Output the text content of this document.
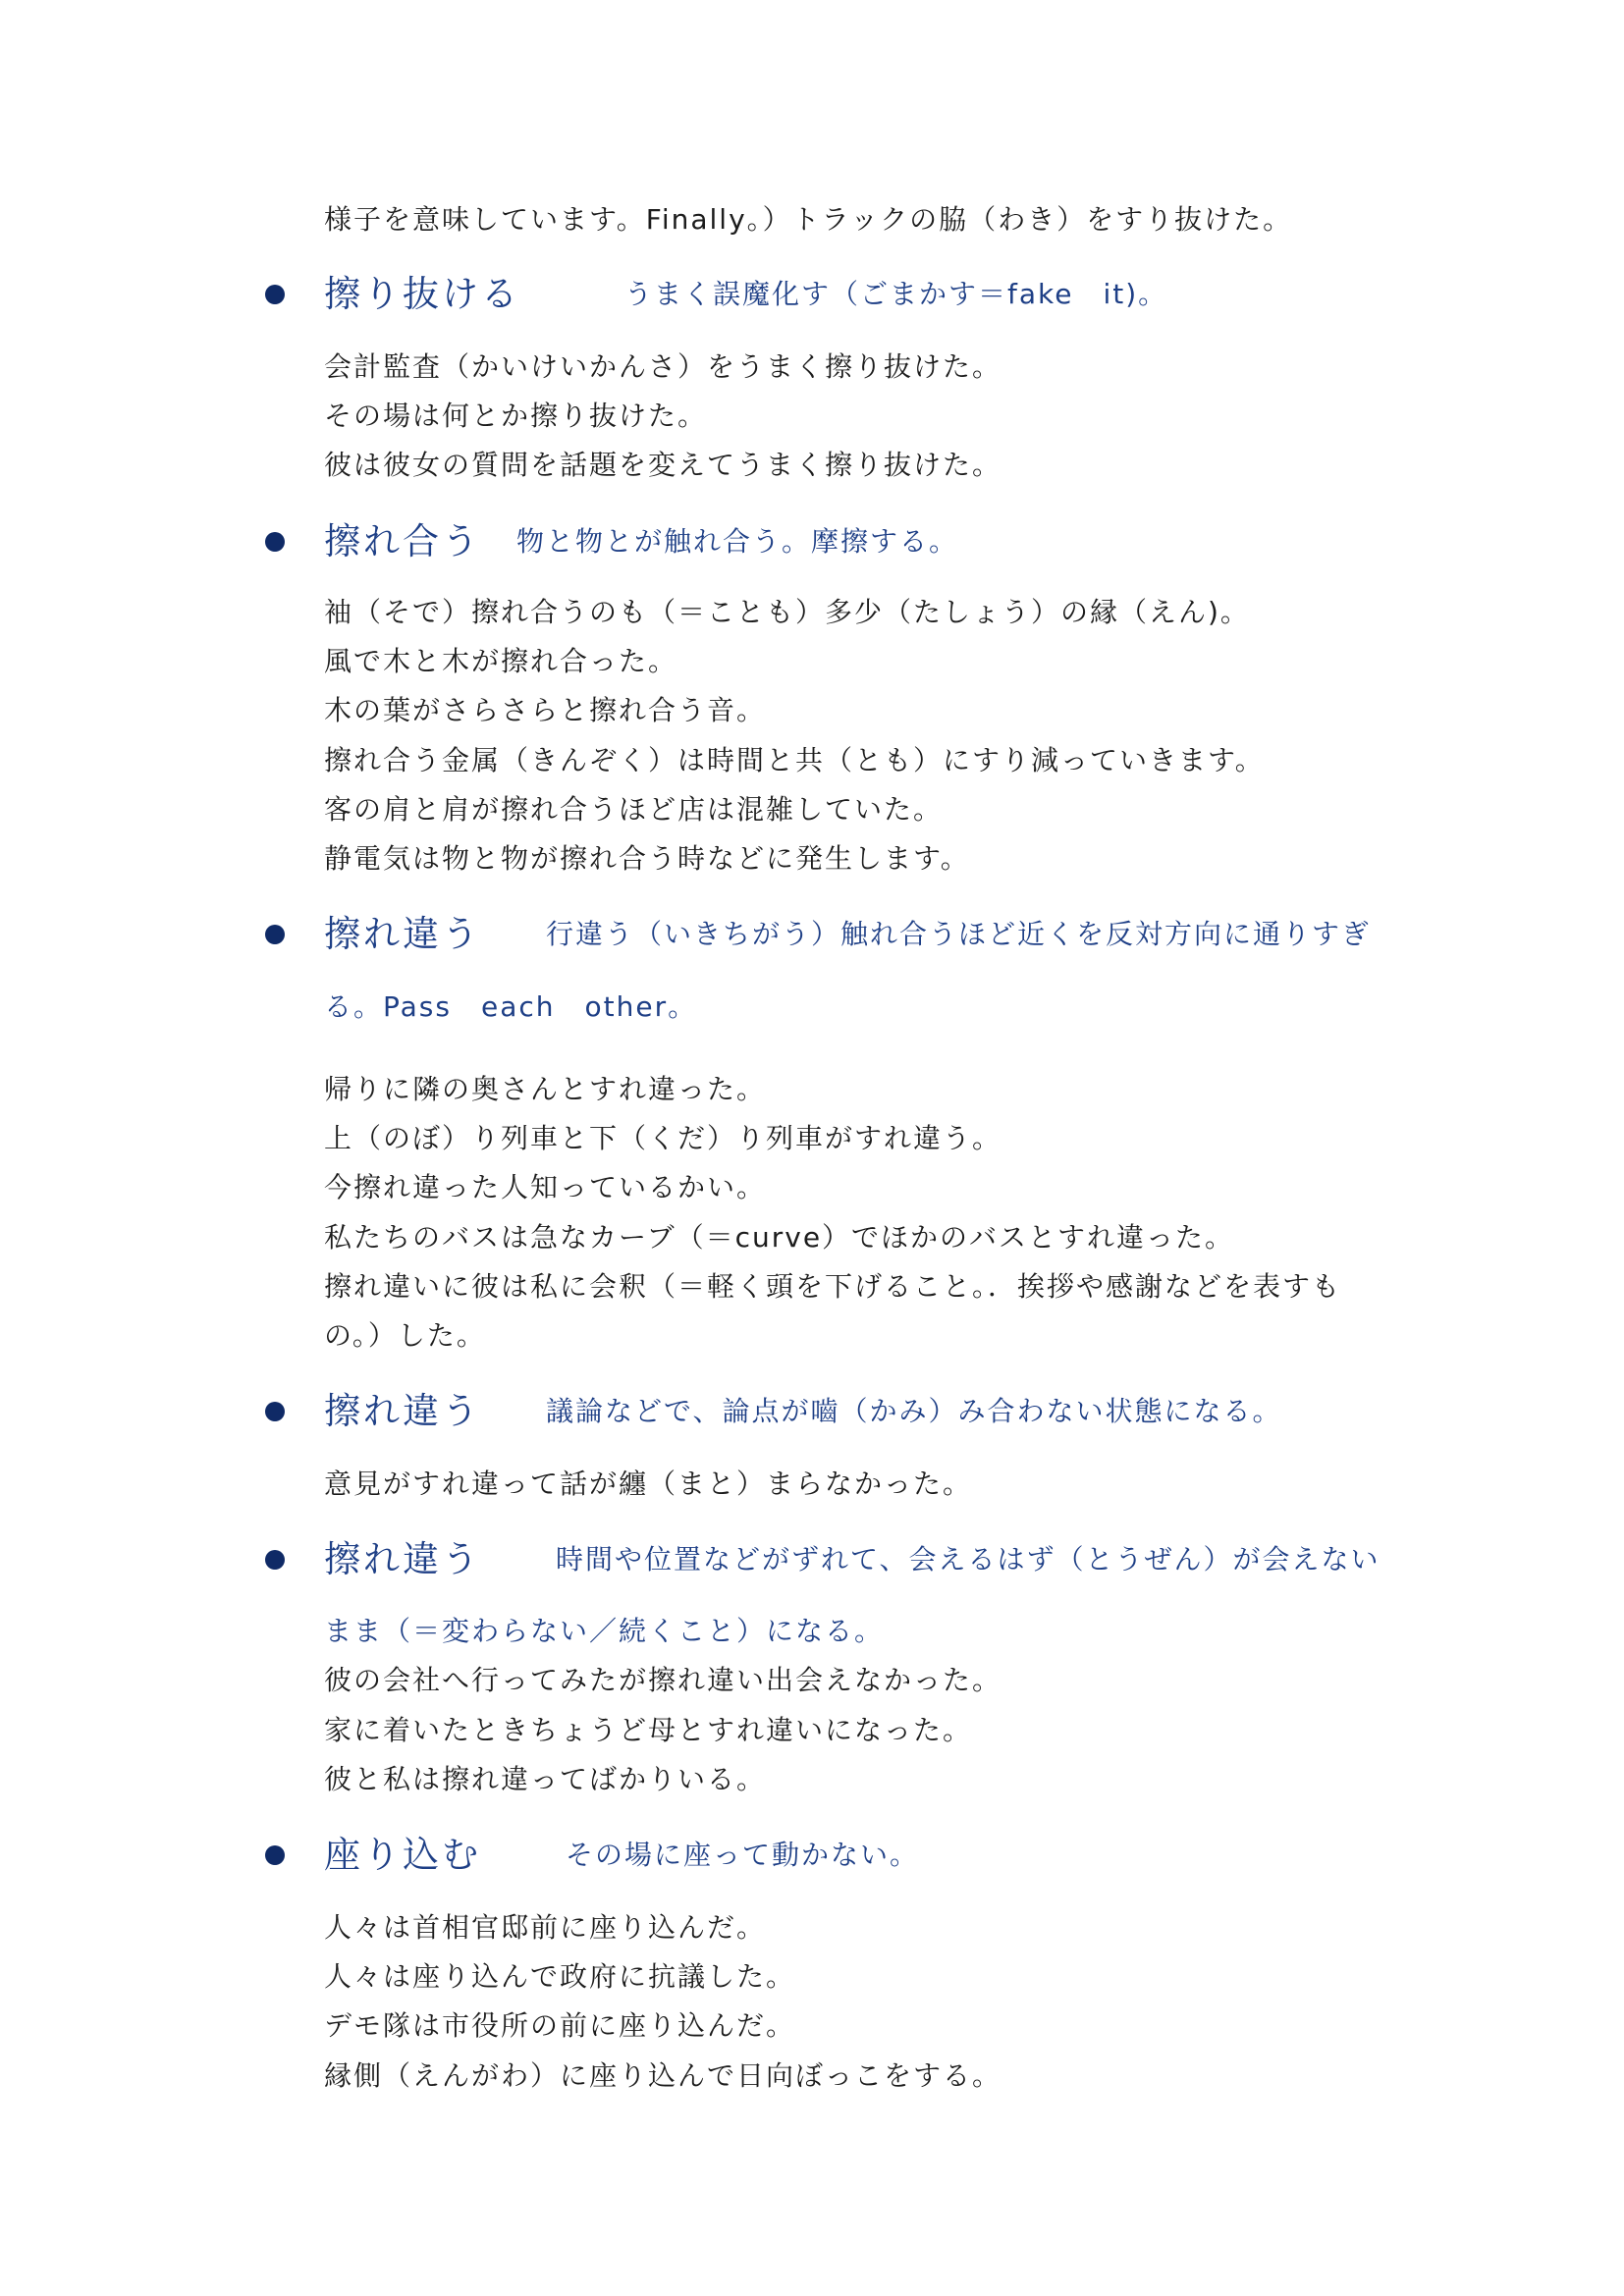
様子を意味しています。Finally。）トラックの脇（わき）をすり抜けた。
擦り抜ける	うまく誤魔化す（ごまかす＝fake　it)。
会計監査（かいけいかんさ）をうまく擦り抜けた。
その場は何とか擦り抜けた。
彼は彼女の質問を話題を変えてうまく擦り抜けた。
擦れ合う 物と物とが触れ合う。摩擦する。
袖（そで）擦れ合うのも（＝ことも）多少（たしょう）の縁（えん)。
風で木と木が擦れ合った。
木の葉がさらさらと擦れ合う音。
擦れ合う金属（きんぞく）は時間と共（とも）にすり減っていきます。
客の肩と肩が擦れ合うほど店は混雑していた。
静電気は物と物が擦れ合う時などに発生します。
擦れ違う 行違う（いきちがう）触れ合うほど近くを反対方向に通りすぎ
る。Pass　each　other。
帰りに隣の奥さんとすれ違った。
上（のぼ）り列車と下（くだ）り列車がすれ違う。
今擦れ違った人知っているかい。
私たちのバスは急なカーブ（＝curve）でほかのバスとすれ違った。
擦れ違いに彼は私に会釈（＝軽く頭を下げること。．挨拶や感謝などを表すも
の。）した。
擦れ違う 議論などで、論点が嚙（かみ）み合わない状態になる。
意見がすれ違って話が纏（まと）まらなかった。
擦れ違う	時間や位置などがずれて、会えるはず（とうぜん）が会えない
まま（＝変わらない／続くこと）になる。
彼の会社へ行ってみたが擦れ違い出会えなかった。
家に着いたときちょうど母とすれ違いになった。
彼と私は擦れ違ってばかりいる。
座り込む	その場に座って動かない。
人々は首相官邸前に座り込んだ。
人々は座り込んで政府に抗議した。
デモ隊は市役所の前に座り込んだ。
縁側（えんがわ）に座り込んで日向ぼっこをする。
